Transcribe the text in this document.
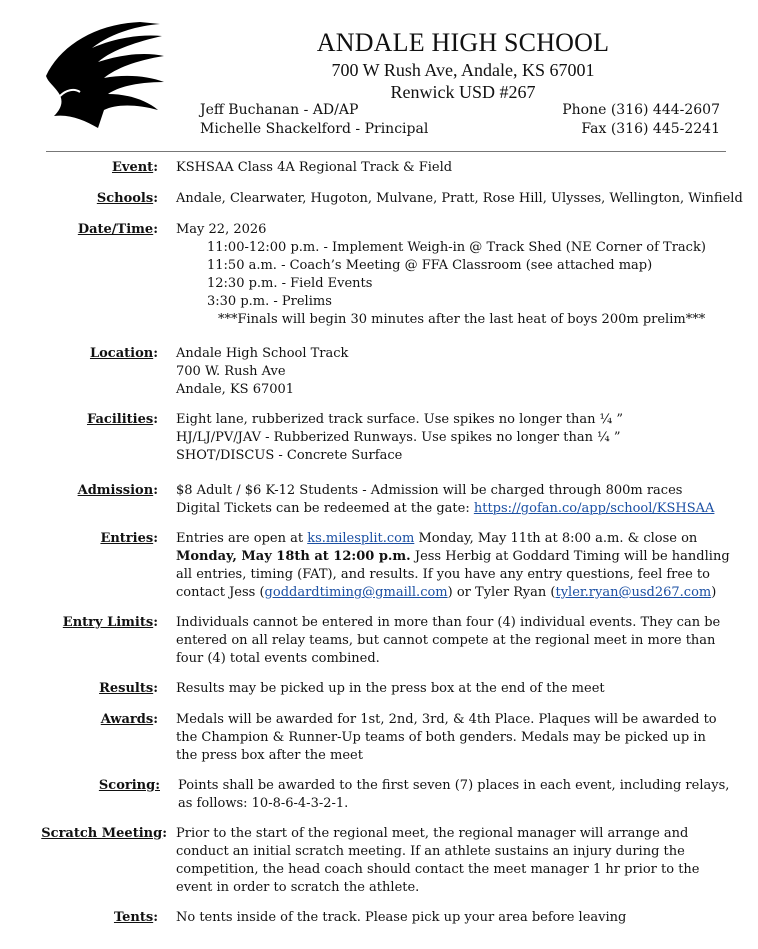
ANDALE HIGH SCHOOL
700 W Rush Ave, Andale, KS 67001
Renwick USD #267
Jeff Buchanan - AD/AP
Michelle Shackelford - Principal
Phone (316) 444-2607
Fax (316) 445-2241
Event: KSHSAA Class 4A Regional Track & Field
Schools: Andale, Clearwater, Hugoton, Mulvane, Pratt, Rose Hill, Ulysses, Wellington, Winfield
Date/Time: May 22, 2026
11:00-12:00 p.m. - Implement Weigh-in @ Track Shed (NE Corner of Track)
11:50 a.m. - Coach’s Meeting @ FFA Classroom (see attached map)
12:30 p.m. - Field Events
3:30 p.m. - Prelims
***Finals will begin 30 minutes after the last heat of boys 200m prelim***
Location: Andale High School Track
700 W. Rush Ave
Andale, KS 67001
Facilities: Eight lane, rubberized track surface. Use spikes no longer than ¼ ”
HJ/LJ/PV/JAV - Rubberized Runways. Use spikes no longer than ¼ ”
SHOT/DISCUS - Concrete Surface
Admission: $8 Adult / $6 K-12 Students - Admission will be charged through 800m races
Digital Tickets can be redeemed at the gate: https://gofan.co/app/school/KSHSAA
Entries: Entries are open at ks.milesplit.com Monday, May 11th at 8:00 a.m. & close on
Monday, May 18th at 12:00 p.m. Jess Herbig at Goddard Timing will be handling
all entries, timing (FAT), and results. If you have any entry questions, feel free to
contact Jess (goddardtiming@gmaill.com) or Tyler Ryan (tyler.ryan@usd267.com)
Entry Limits: Individuals cannot be entered in more than four (4) individual events. They can be
entered on all relay teams, but cannot compete at the regional meet in more than
four (4) total events combined.
Results: Results may be picked up in the press box at the end of the meet
Awards: Medals will be awarded for 1st, 2nd, 3rd, & 4th Place. Plaques will be awarded to
the Champion & Runner-Up teams of both genders. Medals may be picked up in
the press box after the meet
Scoring: Points shall be awarded to the first seven (7) places in each event, including relays,
as follows: 10-8-6-4-3-2-1.
Scratch Meeting: Prior to the start of the regional meet, the regional manager will arrange and
conduct an initial scratch meeting. If an athlete sustains an injury during the
competition, the head coach should contact the meet manager 1 hr prior to the
event in order to scratch the athlete.
Tents: No tents inside of the track. Please pick up your area before leaving
